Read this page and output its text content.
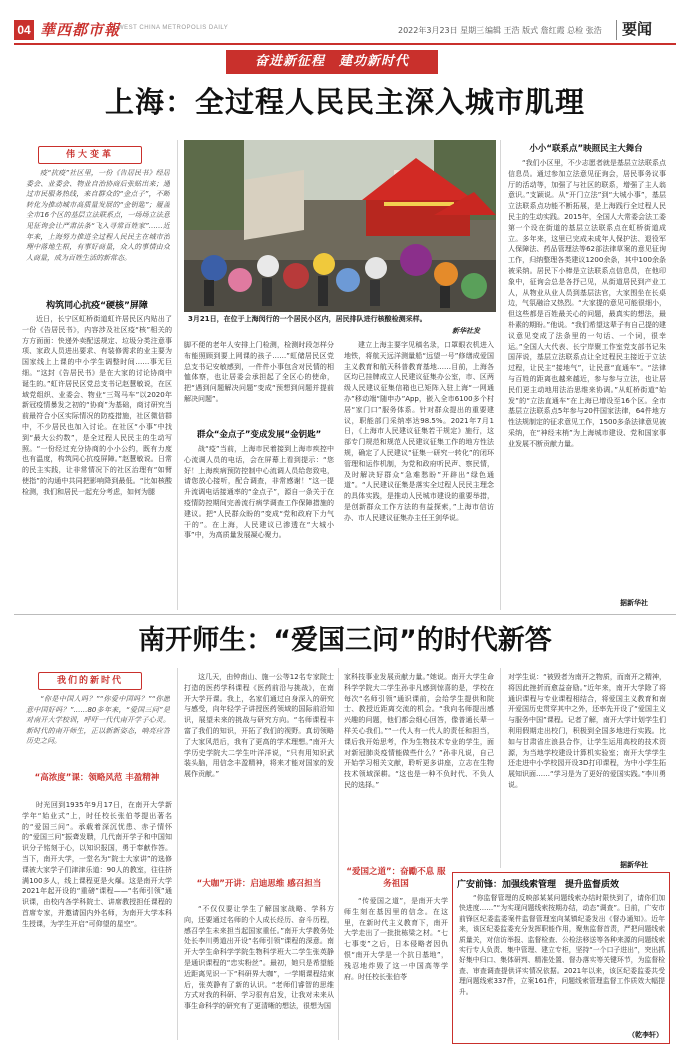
04 華西都市報
WEST CHINA METROPOLIS DAILY	2022年3月23日 星期三 编辑 王浩 版式 詹红霞 总检 张浩 要闻
奋进新征程　建功新时代
上海：全过程人民民主深入城市肌理
伟大变革
疫“抗疫”社区里，一份《告居民书》经居委会、业委会、物业自治协商后张贴出来；通过市民服务热线，来自群众的“金点子”，不断转化为推动城市高质量发展的“金钥匙”；履盖全市16个区的基层立法联系点，一场场立法意见征询会让严肃法条“飞入寻常百姓家”……近年来，上海努力推进全过程人民民主在城市治理中落地生根，有事好商量，众人的事情由众人商量，成为百姓生活的新常态。
构筑同心抗疫“硬核”屏障
近日，长宁区虹桥街道虹许居民区内贴出了一份《告居民书》，内容涉及社区疫“核”相关的方方面面：快递外卖配送规定、垃圾分类注意事项、家政人员进出要求、有装修需求的业主要为国家线上上课的中小学生调整时间……事无巨细。“这封《告居民书》是在大家的讨论协商中诞生的。”虹许居民区党总支书记赵慧敏说，在区域党组织、业委会、物业“三驾马车”以2020年新冠疫情暴发之初的“协商”为基础，商讨研究当前最符合小区实际情况的防疫措施，社区微信群中，不少居民也加入讨论。在社区“小事”中找到“最大公约数”，是全过程人民民主的生动写照。“一份经过充分协商的小小公约，既有力度也有温度，构筑同心抗疫屏障。”赵慧敏说。日常的民主实践，让非常情况下的社区治理有“如臂使指”的沟通中共同把影响降到最低。“比如核酸检测，我们和居民一起充分考虑，如何为腿
3月21日，在位于上海闵行的一个居民小区内，居民排队进行核酸检测采样。
新华社发
脚不便的老年人安排上门检测，检测时段怎样分布能照顾到要上网课的孩子……”虹储居民区党总支书记安敏感到，一件件小事包含对民情的相恤体察，也让居委会承担起了全区心的使命，把“遇到问题解决问题”变成“预想到问题并提前解决问题”。
群众“金点子”变成发展“金钥匙”
战“疫”当前，上海市民着接到上海市疾控中心流调人员的电话，会在屏幕上看到提示：“您好！上海疾病预防控制中心流调人员给您致电，请您放心接听，配合调查，非常感谢！”这一提升流调电话接通率的“金点子”，源自一条关于在疫情防控期间完善流行病学调查工作保障措施的建议。把“人民群众盼的”变成“党和政府下力气干的”。在上海，人民建议已渗透在“大城小事”中，为高质量发展凝心聚力。
建立上海主要字见稿名录，口罩眼衣机进入地铁，将航天远洋测量船“远望一号”修缮成爱国主义教育和航天科普教育基地……目前，上海各区均已挂牌成立人民建议征集办公室，市、区两级人民建议征集信箱也已矩阵入驻上海“一网通办”移动端“随申办”App，嵌入全市6100多个村居“家门口”服务体系。针对群众提出的重要建议，职能部门采纳率达98.5%。2021年7月1日，《上海市人民建议征集若干规定》施行，这部专门规范和规范人民建议征集工作的地方性法规，确定了人民建议“征集一研究一转化”的闭环管理和运作机制，为党和政府听民声、察民情，及时解决好群众“急难愁盼”开辟出“绿色通道”。“人民建议征集是落实全过程人民民主理念的具体实践，是推动人民城市建设的重要举措，是创新群众工作方法的有益探索，”上海市信访办、市人民建议征集办主任王剑华说。
小小“联系点”映照民主大舞台
“我们小区里，不少志愿者就是基层立法联系点信息员。通过参加立法意见征询会，居民事务议事厅的活动等，加强了与社区的联系，增强了主人翁意识。”支颖说。从“开门立法”到“大城小事”，基层立法联系点功能不断拓展，是上海践行全过程人民民主的生动实践。2015年，全国人大常委会法工委第一个设在街道的基层立法联系点在虹桥街道成立。多年来，这里已完成未成年人保护法、退役军人保障法、药品管理法等62部法律草案的意见征询工作，归纳整理各类建议1200余条，其中100余条被采纳。居民下小棒是立法联系点信息员，在他印象中，征询会总是各抒己见，从街道居民到产业工人，从物业从业人员到基层法官，大家围坐在长桌边，气氛融洽又热烈。“大家提的意见可能很细小，但这些都是百姓最关心的问题，最真实的想法，最朴素的期盼。”他说。“我们希望这辈子有自己提的建议意见变成了法条里的一句话、一个词，很幸运。”全国人大代表、长宁岸聚工作室党支部书记朱国萍说，基层立法联系点让全过程民主接近于立法过程，让民主“接地气”，让民意“直通车”。“法律与百姓的距离也越来越近，参与参与立法，也让居民们更主动地用法治思维来协调。”从虹桥街道“始发”的“立法直通车”在上海已增设至16个区。全市基层立法联系点5年参与20件国家法律，64件地方性法规制定的征求意见工作，1500多条法律意见被采纳，在“神经末梢”为上海城市建设、党和国家事业发展不断贡献力量。
据新华社
南开师生：“爱国三问”的时代新答
我们的新时代
“你是中国人吗？”“你爱中国吗？”“你愿意中国好吗？”……80多年来，“爱国三问”是对南开大学校训，呼吁一代代南开学子心灵。新时代的南开师生，正以新新姿态，响亮应答历史之问。
“高浓度”课：领略风范 丰盈精神
时光回到1935年9月17日，在南开大学新学年“始业式”上，时任校长张伯苓提出著名的“爱国三问”。承载着深沉忧患、赤子情怀的“爱国三问”振聋发聩，几代南开学子和中国知识分子铭刻于心，以知识报国，勇于奉献作答。当下，南开大学，一堂名为“院士大家讲”的选修课被大家学子们津津乐道：90人的教室，往往挤满100多人，线上课程更是火爆。这是南开大学2021年起开设的“重磅”课程——“名师引领”通识课，由校内各学科院士、讲席教授担任课程的首席专家，并邀请国内外名师，为南开大学本科生授课，为学生开启“可仰望的星空”。
这几天，由钟南山、施一公等12名专家院士打造的医药学科课程《医药前沿与挑战》，在南开大学开课。我上，名家们通过自身深入的研究与感受，向年轻学子讲授医药领域的国际前沿知识，展望未来的挑战与研究方向。“名师课程丰富了我们的知识，开拓了我们的视野。真切领略了大家风范后，我有了更高的学术理想。”南开大学历史学院大二学生叶洋洋说，“只有用知识武装头脑，用信念丰盈精神，将来才能对国家的发展作贡献。”
“大咖”开讲：启迪思维 感召担当
“不仅仅要让学生了解国家战略、学科方向，还要通过名师的个人成长经历、奋斗历程，感召学生未来担当起国家重任。”南开大学教务处处长李川勇道出开设“名师引领”课程的深意。南开大学生命科学学院生物科学班大二学生张英静是通识课程的“忠实粉丝”。最初，她只是希望能近距离见识一下“科研界大咖”，一学期课程结束后，张英静有了新的认识。“老师们睿智的思维方式对我的科研、学习很有启发，让我对未来从事生命科学的研究有了更清晰的想法，很想为国
家科技事业发展贡献力量。”她说。南开大学生命科学学院大二学生孙非凡感到惊喜的是，学校在每次“名师引领”通识课前，会给学生提供和院士、教授近距离交流的机会。“我向名师提出感兴趣的问题，他们都会细心回答，像普通长辈一样关心我们。”“一代人有一代人的责任和担当，课后我开始思考，作为生物技术专业的学生，面对新冠肺炎疫情能做些什么？”孙非凡说，自己开始学习相关文献，聆听更多讲座，立志在生物技术领域深耕。“这也是一种不负时代、不负人民的选择。”
“爱国之道”：奋勵不息 服务祖国
“传爱国之道”，是南开大学师生刻在基因里的信念。在这里，在新时代主义教育下，南开大学走出了一批批栋梁之材。“七七事变”之后，日本侵略者因仇恨“南开大学是一个抗日基地”，残忍地炸毁了这一中国高等学府。时任校长张伯苓
对学生说：“被毁者为南开之物质，而南开之精神，将因此挫折而愈益奋励。”近年来，南开大学除了将通识课程与专业课程相结合，将爱国主义教育和南开爱国历史贯穿其中之外，还率先开设了“爱国主义与服务中国”课程。记者了解，南开大学计划学生们利用假期走出校门，积极到全国多地进行实践。比如与甘肃省庄浪县合作，让学生运用高校的技术资源，为当地学校建设计算机实验室；南开大学学生还走进中小学校园开设3D打印课程，为中小学生拓展知识面……“学习是为了更好的爱国实践。”李川勇说。
据新华社
广安前锋：加强线索管理　提升监督质效
“你监督管理的反映部某某问题线索办结时限快到了，请你们加快进度……”“为实现问题线索按期办结，动态”调查”。日前，广安市前锋区纪委监委案件监督管理室向某镇纪委发出《督办通知》。近年来，该区纪委监委充分发挥职能作用，聚焦监督首责，严把问题线索质量关，对信访举报、监督检查、公检法移送等各种来源的问题线索实行专人负责、集中管理、建立专柜，坚持“一个口子进出”，突出抓好集中归口、集体研判、精准处置、督办落实等关键环节，为监督检查、审查调查提供详实情况依据。2021年以来，该区纪委监委共受理问题线索337件，立案161件，问题线索管理监督工作质效大幅提升。
（乾李轩）
